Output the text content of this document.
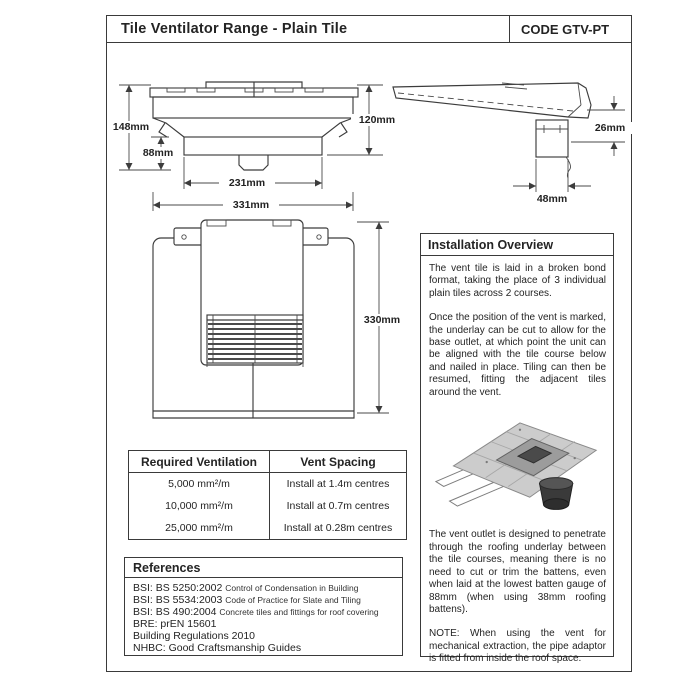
Tile Ventilator Range - Plain Tile	CODE GTV-PT
148mm
88mm
120mm
231mm
331mm
26mm
48mm
330mm
Installation Overview

The vent tile is laid in a broken bond format, taking the place of 3 individual plain tiles across 2 courses.

Once the position of the vent is marked, the underlay can be cut to allow for the base outlet, at which point the unit can be aligned with the tile course below and nailed in place. Tiling can then be resumed, fitting the adjacent tiles around the vent.

The vent outlet is designed to penetrate through the roofing underlay between the tile courses, meaning there is no need to cut or trim the battens, even when laid at the lowest batten gauge of 88mm (when using 38mm roofing battens).

NOTE: When using the vent for mechanical extraction, the pipe adaptor is fitted from inside the roof space.

Required Ventilation	Vent Spacing
5,000 mm²/m	Install at 1.4m centres
10,000 mm²/m	Install at 0.7m centres
25,000 mm²/m	Install at 0.28m centres
References
BSI: BS 5250:2002 Control of Condensation in Building
BSI: BS 5534:2003 Code of Practice for Slate and Tiling
BSI: BS 490:2004 Concrete tiles and fittings for roof covering
BRE: prEN 15601
Building Regulations 2010
NHBC: Good Craftsmanship Guides
